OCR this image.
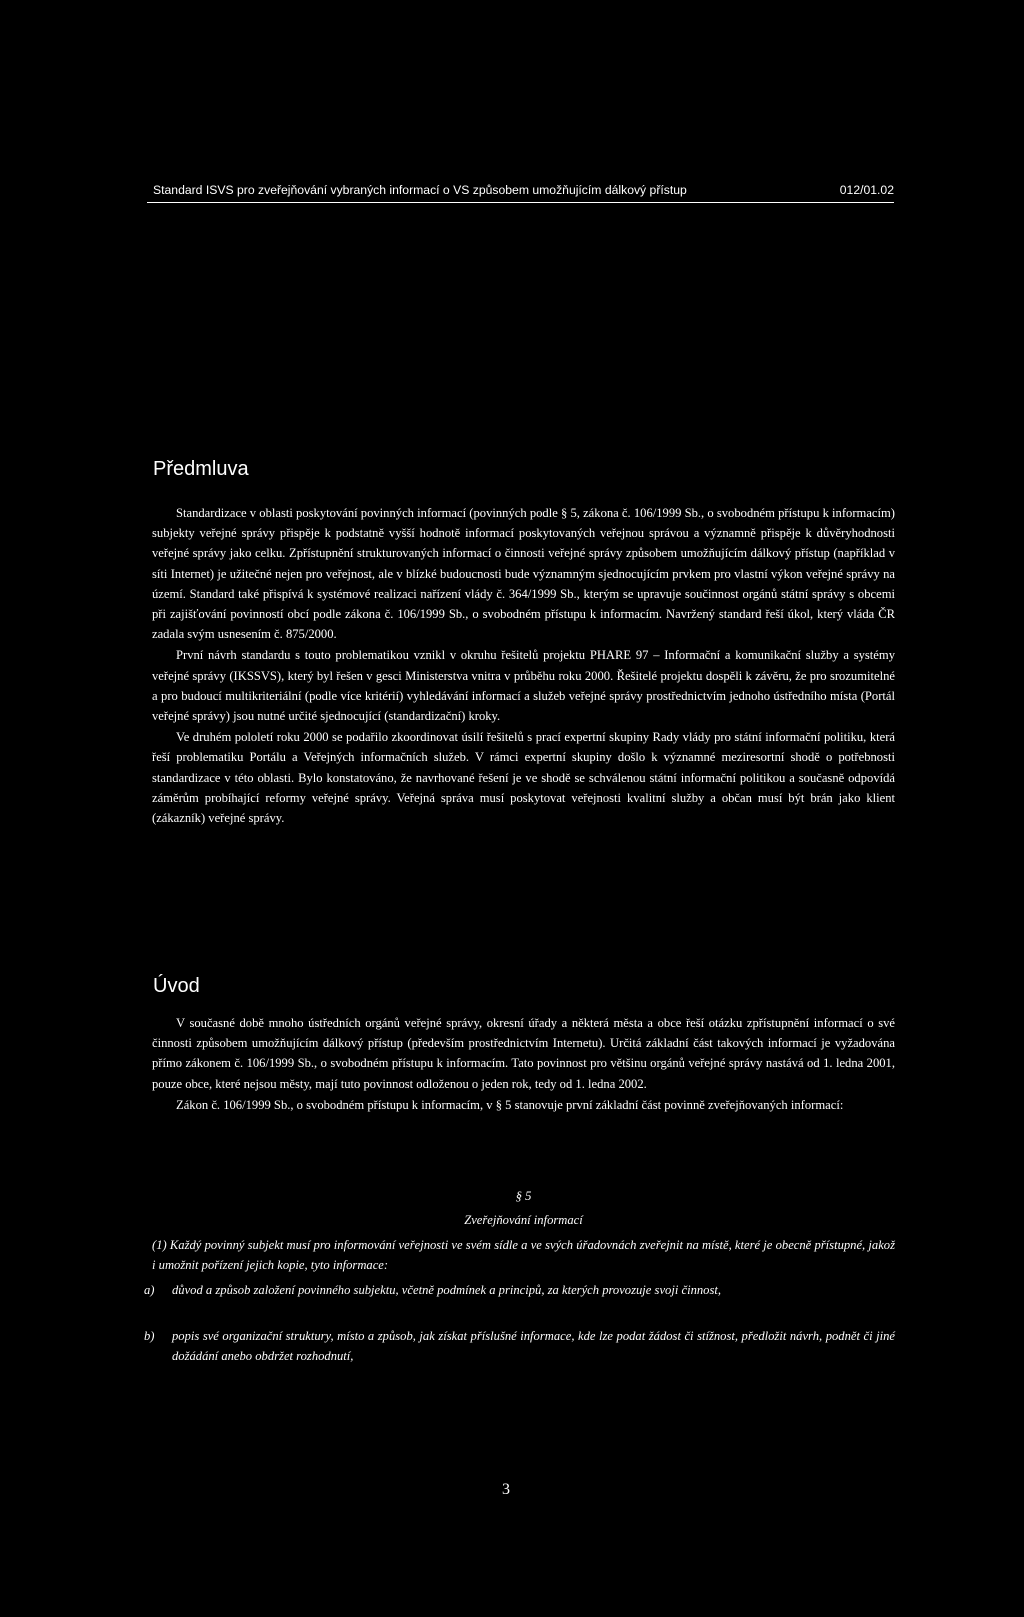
Standard ISVS pro zveřejňování vybraných informací o VS způsobem umožňujícím dálkový přístup	012/01.02
Předmluva

Standardizace v oblasti poskytování povinných informací (povinných podle § 5, zákona č. 106/1999 Sb., o svobodném přístupu k informacím) subjekty veřejné správy přispěje k podstatně vyšší hodnotě informací poskytovaných veřejnou správou a významně přispěje k důvěryhodnosti veřejné správy jako celku. Zpřístupnění strukturovaných informací o činnosti veřejné správy způsobem umožňujícím dálkový přístup (například v síti Internet) je užitečné nejen pro veřejnost, ale v blízké budoucnosti bude významným sjednocujícím prvkem pro vlastní výkon veřejné správy na území. Standard také přispívá k systémové realizaci nařízení vlády č. 364/1999 Sb., kterým se upravuje součinnost orgánů státní správy s obcemi při zajišťování povinností obcí podle zákona č. 106/1999 Sb., o svobodném přístupu k informacím. Navržený standard řeší úkol, který vláda ČR zadala svým usnesením č. 875/2000.

První návrh standardu s touto problematikou vznikl v okruhu řešitelů projektu PHARE 97 – Informační a komunikační služby a systémy veřejné správy (IKSSVS), který byl řešen v gesci Ministerstva vnitra v průběhu roku 2000. Řešitelé projektu dospěli k závěru, že pro srozumitelné a pro budoucí multikriteriální (podle více kritérií) vyhledávání informací a služeb veřejné správy prostřednictvím jednoho ústředního místa (Portál veřejné správy) jsou nutné určité sjednocující (standardizační) kroky.

Ve druhém pololetí roku 2000 se podařilo zkoordinovat úsilí řešitelů s prací expertní skupiny Rady vlády pro státní informační politiku, která řeší problematiku Portálu a Veřejných informačních služeb. V rámci expertní skupiny došlo k významné meziresortní shodě o potřebnosti standardizace v této oblasti. Bylo konstatováno, že navrhované řešení je ve shodě se schválenou státní informační politikou a současně odpovídá záměrům probíhající reformy veřejné správy. Veřejná správa musí poskytovat veřejnosti kvalitní služby a občan musí být brán jako klient (zákazník) veřejné správy.

Úvod

V současné době mnoho ústředních orgánů veřejné správy, okresní úřady a některá města a obce řeší otázku zpřístupnění informací o své činnosti způsobem umožňujícím dálkový přístup (především prostřednictvím Internetu). Určitá základní část takových informací je vyžadována přímo zákonem č. 106/1999 Sb., o svobodném přístupu k informacím. Tato povinnost pro většinu orgánů veřejné správy nastává od 1. ledna 2001, pouze obce, které nejsou městy, mají tuto povinnost odloženou o jeden rok, tedy od 1. ledna 2002.

Zákon č. 106/1999 Sb., o svobodném přístupu k informacím, v § 5 stanovuje první základní část povinně zveřejňovaných informací:

§ 5
Zveřejňování informací

(1) Každý povinný subjekt musí pro informování veřejnosti ve svém sídle a ve svých úřadovnách zveřejnit na místě, které je obecně přístupné, jakož i umožnit pořízení jejich kopie, tyto informace:

a)	důvod a způsob založení povinného subjektu, včetně podmínek a principů, za kterých provozuje svoji činnost,
b)	popis své organizační struktury, místo a způsob, jak získat příslušné informace, kde lze podat žádost či stížnost, předložit návrh, podnět či jiné dožádání anebo obdržet rozhodnutí,
3
